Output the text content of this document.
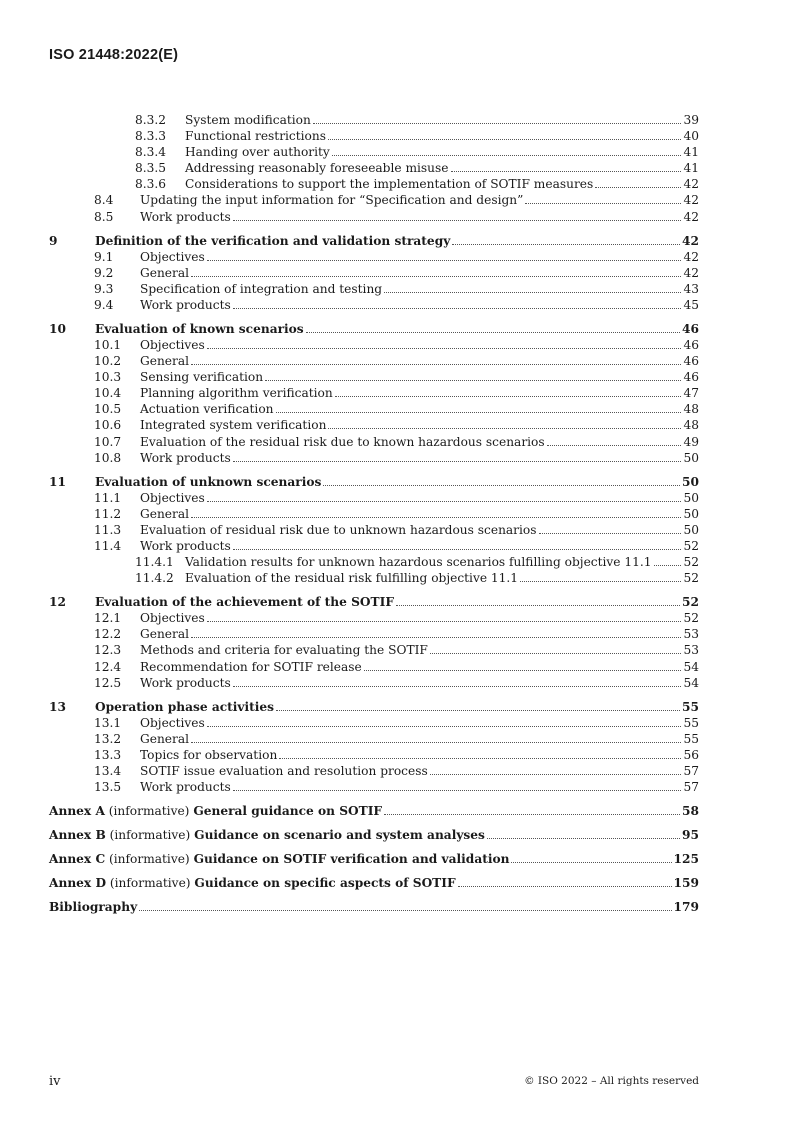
ISO 21448:2022(E)
8.3.2 System modification	39
8.3.3 Functional restrictions	40
8.3.4 Handing over authority	41
8.3.5 Addressing reasonably foreseeable misuse	41
8.3.6 Considerations to support the implementation of SOTIF measures	42
8.4 Updating the input information for “Specification and design”	42
8.5 Work products	42
9	Definition of the verification and validation strategy	42
9.1 Objectives	42
9.2 General	42
9.3 Specification of integration and testing	43
9.4 Work products	45
10 Evaluation of known scenarios	46
10.1 Objectives	46
10.2 General	46
10.3 Sensing verification	46
10.4 Planning algorithm verification	47
10.5 Actuation verification	48
10.6 Integrated system verification	48
10.7 Evaluation of the residual risk due to known hazardous scenarios	49
10.8 Work products	50
11 Evaluation of unknown scenarios	50
11.1 Objectives	50
11.2 General	50
11.3 Evaluation of residual risk due to unknown hazardous scenarios	50
11.4 Work products	52
11.4.1 Validation results for unknown hazardous scenarios fulfilling objective 11.1	52
11.4.2 Evaluation of the residual risk fulfilling objective 11.1	52
12 Evaluation of the achievement of the SOTIF	52
12.1 Objectives	52
12.2 General	53
12.3 Methods and criteria for evaluating the SOTIF	53
12.4 Recommendation for SOTIF release	54
12.5 Work products	54
13 Operation phase activities	55
13.1 Objectives	55
13.2 General	55
13.3 Topics for observation	56
13.4 SOTIF issue evaluation and resolution process	57
13.5 Work products	57
Annex A (informative) General guidance on SOTIF	58
Annex B (informative) Guidance on scenario and system analyses	95
Annex C (informative) Guidance on SOTIF verification and validation	125
Annex D (informative) Guidance on specific aspects of SOTIF	159
Bibliography	179
iv	© ISO 2022 – All rights reserved
